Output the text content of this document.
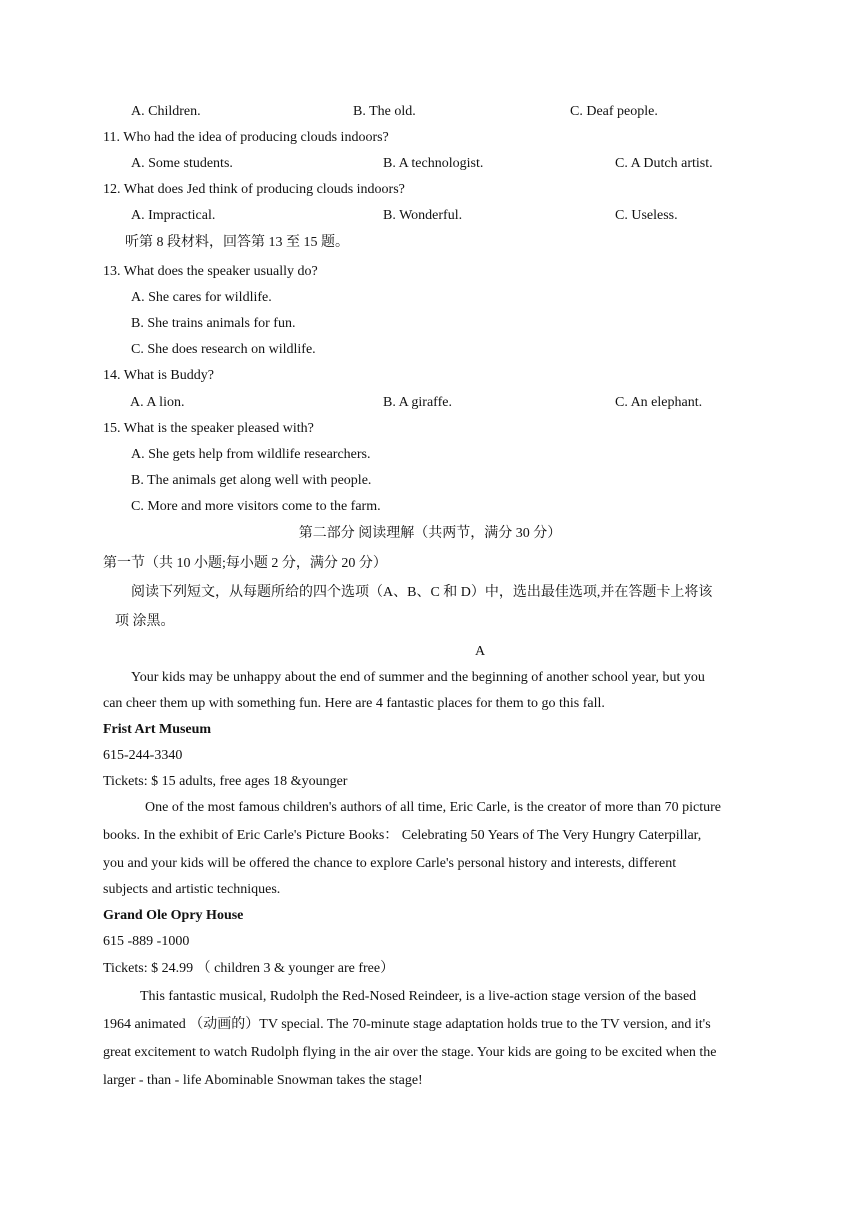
A. Children.	B. The old.	C. Deaf people.
11. Who had the idea of producing clouds indoors?
A. Some students.	B. A technologist.	C. A Dutch artist.
12. What does Jed think of producing clouds indoors?
A. Impractical.	B. Wonderful.	C. Useless.
听第 8 段材料，回答第 13 至 15 题。
13. What does the speaker usually do?
A. She cares for wildlife.
B. She trains animals for fun.
C. She does research on wildlife.
14. What is Buddy?
A. A lion.	B. A giraffe.	C. An elephant.
15. What is the speaker pleased with?
A. She gets help from wildlife researchers.
B. The animals get along well with people.
C. More and more visitors come to the farm.
第二部分 阅读理解（共两节，满分 30 分）
第一节（共 10 小题;每小题 2 分，满分 20 分）
阅读下列短文，从每题所给的四个选项（A、B、C 和 D）中，选出最佳选项,并在答题卡上将该
项 涂黑。
A
Your kids may be unhappy about the end of summer and the beginning of another school year, but you
can cheer them up with something fun. Here are 4 fantastic places for them to go this fall.
Frist Art Museum
615-244-3340
Tickets: $ 15 adults, free ages 18 &younger
One of the most famous children's authors of all time, Eric Carle, is the creator of more than 70 picture
books. In the exhibit of Eric Carle's Picture Books： Celebrating 50 Years of The Very Hungry Caterpillar,
you and your kids will be offered the chance to explore Carle's personal history and interests, different
subjects and artistic techniques.
Grand Ole Opry House
615 -889 -1000
Tickets: $ 24.99 （ children 3 & younger are free）
This fantastic musical, Rudolph the Red-Nosed Reindeer, is a live-action stage version of the based
1964 animated （动画的）TV special. The 70-minute stage adaptation holds true to the TV version, and it's
great excitement to watch Rudolph flying in the air over the stage. Your kids are going to be excited when the
larger - than - life Abominable Snowman takes the stage!
